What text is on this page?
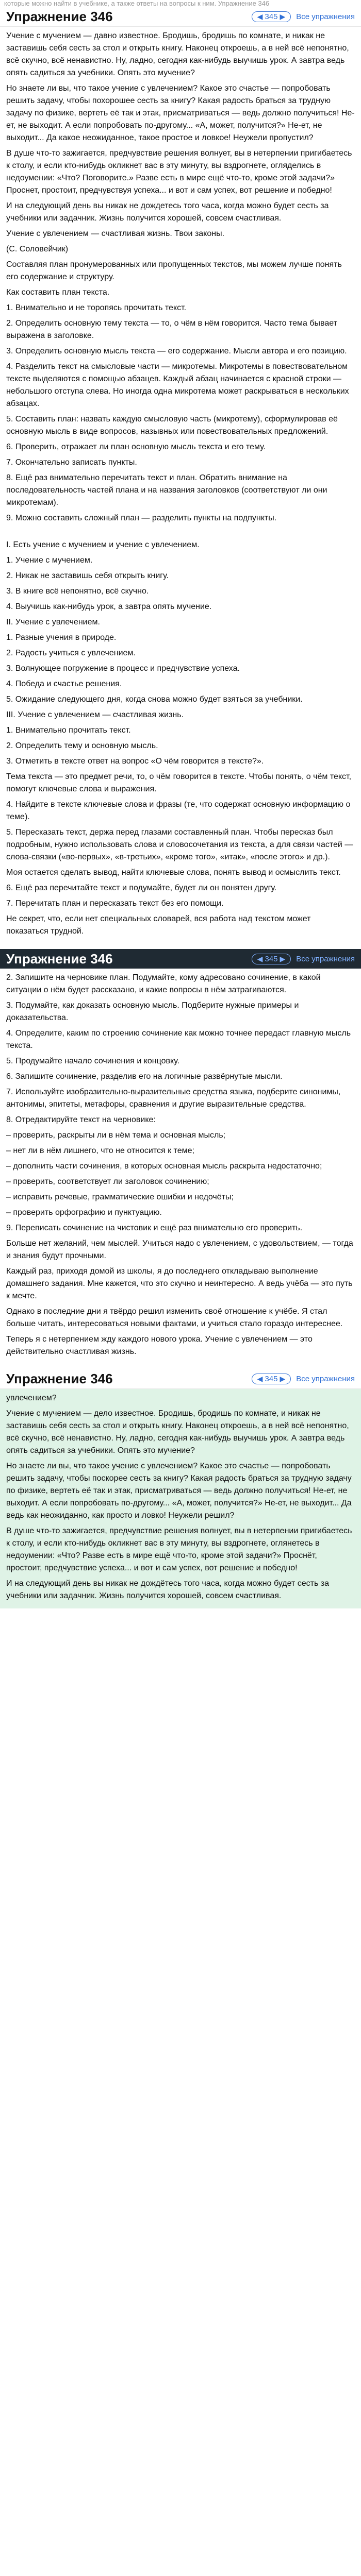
которые можно найти в учебнике, а также ответы на вопросы к ним. Упражнение 346
Упражнение 346	◀ 345 ▶ Все упражнения

Учение с мучением — давно известное. Бродишь, бродишь по комнате, и никак не заставишь себя сесть за стол и открыть книгу. Наконец откроешь, а в ней всё непонятно, всё скучно, всё ненавистно. Ну, ладно, сегодня как-нибудь выучишь урок. А завтра ведь опять садиться за учебники. Опять это мучение?

Но знаете ли вы, что такое учение с увлечением? Какое это счастье — попробовать решить задачу, чтобы похорошее сесть за книгу? Какая радость браться за трудную задачу по физике, вертеть её так и этак, присматриваться — ведь должно получиться! Не-ет, не выходит. А если попробовать по-другому... «А, может, получится?» Не-ет, не выходит... Да какое неожиданное, такое простое и ловкое! Неужели пропустил?

В душе что-то зажигается, предчувствие решения волнует, вы в нетерпении пригибаетесь к столу, и если кто-нибудь окликнет вас в эту минуту, вы вздрогнете, огляделись в недоумении: «Что? Поговорите.» Разве есть в мире ещё что-то, кроме этой задачи?» Проснет, простоит, предчувствуя успеха... и вот и сам успех, вот решение и победно!

И на следующий день вы никак не дождетесь того часа, когда можно будет сесть за учебники или задачник. Жизнь получится хорошей, совсем счастливая.

Учение с увлечением — счастливая жизнь. Твои законы.

(С. Соловейчик)

Составляя план пронумерованных или пропущенных текстов, мы можем лучше понять его содержание и структуру.

Как составить план текста.

1. Внимательно и не торопясь прочитать текст.

2. Определить основную тему текста — то, о чём в нём говорится. Часто тема бывает выражена в заголовке.

3. Определить основную мысль текста — его содержание. Мысли автора и его позицию.

4. Разделить текст на смысловые части — микротемы. Микротемы в повествовательном тексте выделяются с помощью абзацев. Каждый абзац начинается с красной строки — небольшого отступа слева. Но иногда одна микротема может раскрываться в нескольких абзацах.

5. Составить план: назвать каждую смысловую часть (микротему), сформулировав её основную мысль в виде вопросов, назывных или повествовательных предложений.

6. Проверить, отражает ли план основную мысль текста и его тему.

7. Окончательно записать пункты.

8. Ещё раз внимательно перечитать текст и план. Обратить внимание на последовательность частей плана и на названия заголовков (соответствуют ли они микротемам).

9. Можно составить сложный план — разделить пункты на подпункты.

I. Есть учение с мучением и учение с увлечением.

1. Учение с мучением.

2. Никак не заставишь себя открыть книгу.

3. В книге всё непонятно, всё скучно.

4. Выучишь как-нибудь урок, а завтра опять мучение.

II. Учение с увлечением.

1. Разные учения в природе.

2. Радость учиться с увлечением.

3. Волнующее погружение в процесс и предчувствие успеха.

4. Победа и счастье решения.

5. Ожидание следующего дня, когда снова можно будет взяться за учебники.

III. Учение с увлечением — счастливая жизнь.

1. Внимательно прочитать текст.

2. Определить тему и основную мысль.

3. Отметить в тексте ответ на вопрос «О чём говорится в тексте?».

Тема текста — это предмет речи, то, о чём говорится в тексте. Чтобы понять, о чём текст, помогут ключевые слова и выражения.

4. Найдите в тексте ключевые слова и фразы (те, что содержат основную информацию о теме).

5. Пересказать текст, держа перед глазами составленный план. Чтобы пересказ был подробным, нужно использовать слова и словосочетания из текста, а для связи частей — слова-связки («во-первых», «в-третьих», «кроме того», «итак», «после этого» и др.).

Моя остается сделать вывод, найти ключевые слова, понять вывод и осмыслить текст.

6. Ещё раз перечитайте текст и подумайте, будет ли он понятен другу.

7. Перечитать план и пересказать текст без его помощи.

Не секрет, что, если нет специальных словарей, вся работа над текстом может показаться трудной.

Упражнение 346	◀ 345 ▶ Все упражнения

2. Запишите на черновике план. Подумайте, кому адресовано сочинение, в какой ситуации о нём будет рассказано, и какие вопросы в нём затрагиваются.

3. Подумайте, как доказать основную мысль. Подберите нужные примеры и доказательства.

4. Определите, каким по строению сочинение как можно точнее передаст главную мысль текста.

5. Продумайте начало сочинения и концовку.

6. Запишите сочинение, разделив его на логичные развёрнутые мысли.

7. Используйте изобразительно-выразительные средства языка, подберите синонимы, антонимы, эпитеты, метафоры, сравнения и другие выразительные средства.

8. Отредактируйте текст на черновике:

– проверить, раскрыты ли в нём тема и основная мысль;

– нет ли в нём лишнего, что не относится к теме;

– дополнить части сочинения, в которых основная мысль раскрыта недостаточно;

– проверить, соответствует ли заголовок сочинению;

– исправить речевые, грамматические ошибки и недочёты;

– проверить орфографию и пунктуацию.

9. Переписать сочинение на чистовик и ещё раз внимательно его проверить.

Больше нет желаний, чем мыслей. Учиться надо с увлечением, с удовольствием, — тогда и знания будут прочными.

Каждый раз, приходя домой из школы, я до последнего откладываю выполнение домашнего задания. Мне кажется, что это скучно и неинтересно. А ведь учёба — это путь к мечте.

Однако в последние дни я твёрдо решил изменить своё отношение к учёбе. Я стал больше читать, интересоваться новыми фактами, и учиться стало гораздо интереснее.

Теперь я с нетерпением жду каждого нового урока. Учение с увлечением — это действительно счастливая жизнь.

Упражнение 346	◀ 345 ▶ Все упражнения

увлечением?

Учение с мучением — дело известное. Бродишь, бродишь по комнате, и никак не заставишь себя сесть за стол и открыть книгу. Наконец откроешь, а в ней всё непонятно, всё скучно, всё ненавистно. Ну, ладно, сегодня как-нибудь выучишь урок. А завтра ведь опять садиться за учебники. Опять это мучение?

Но знаете ли вы, что такое учение с увлечением? Какое это счастье — попробовать решить задачу, чтобы поскорее сесть за книгу? Какая радость браться за трудную задачу по физике, вертеть её так и этак, присматриваться — ведь должно получиться! Не-ет, не выходит. А если попробовать по-другому... «А, может, получится?» Не-ет, не выходит... Да ведь как неожиданно, как просто и ловко! Неужели решил?

В душе что-то зажигается, предчувствие решения волнует, вы в нетерпении пригибаетесь к столу, и если кто-нибудь окликнет вас в эту минуту, вы вздрогнете, оглянетесь в недоумении: «Что? Разве есть в мире ещё что-то, кроме этой задачи?» Проснёт, простоит, предчувствие успеха... и вот и сам успех, вот решение и победно!

И на следующий день вы никак не дождётесь того часа, когда можно будет сесть за учебники или задачник. Жизнь получится хорошей, совсем счастливая.
